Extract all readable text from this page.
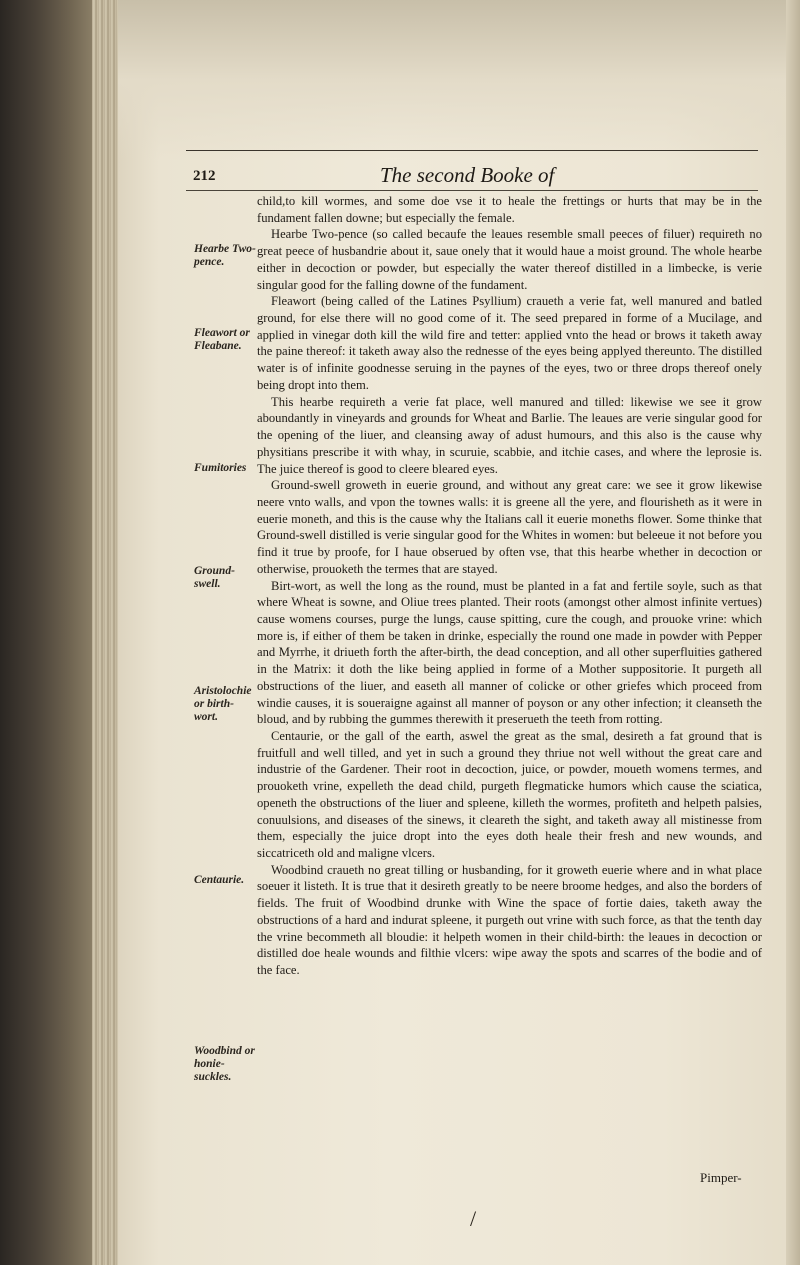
212	The second Booke of
Hearbe Two-pence.
Fleawort or Fleabane.
Fumitories
Ground-swell.
Aristolochie or birth-wort.
Centaurie.
Woodbind or honie-suckles.

child,to kill wormes, and some doe vse it to heale the frettings or hurts that may be in the fundament fallen downe; but especially the female.

Hearbe Two-pence (so called becaufe the leaues resemble small peeces of filuer) requireth no great peece of husbandrie about it, saue onely that it would haue a moist ground. The whole hearbe either in decoction or powder, but especially the water thereof distilled in a limbecke, is verie singular good for the falling downe of the fundament.

Fleawort (being called of the Latines Psyllium) craueth a verie fat, well manured and batled ground, for else there will no good come of it. The seed prepared in forme of a Mucilage, and applied in vinegar doth kill the wild fire and tetter: applied vnto the head or brows it taketh away the paine thereof: it taketh away also the rednesse of the eyes being applyed thereunto. The distilled water is of infinite goodnesse seruing in the paynes of the eyes, two or three drops thereof onely being dropt into them.

This hearbe requireth a verie fat place, well manured and tilled: likewise we see it grow aboundantly in vineyards and grounds for Wheat and Barlie. The leaues are verie singular good for the opening of the liuer, and cleansing away of adust humours, and this also is the cause why physitians prescribe it with whay, in scuruie, scabbie, and itchie cases, and where the leprosie is. The juice thereof is good to cleere bleared eyes.

Ground-swell groweth in euerie ground, and without any great care: we see it grow likewise neere vnto walls, and vpon the townes walls: it is greene all the yere, and flourisheth as it were in euerie moneth, and this is the cause why the Italians call it euerie moneths flower. Some thinke that Ground-swell distilled is verie singular good for the Whites in women: but beleeue it not before you find it true by proofe, for I haue obserued by often vse, that this hearbe whether in decoction or otherwise, prouoketh the termes that are stayed.

Birt-wort, as well the long as the round, must be planted in a fat and fertile soyle, such as that where Wheat is sowne, and Oliue trees planted. Their roots (amongst other almost infinite vertues) cause womens courses, purge the lungs, cause spitting, cure the cough, and prouoke vrine: which more is, if either of them be taken in drinke, especially the round one made in powder with Pepper and Myrrhe, it driueth forth the after-birth, the dead conception, and all other superfluities gathered in the Matrix: it doth the like being applied in forme of a Mother suppositorie. It purgeth all obstructions of the liuer, and easeth all manner of colicke or other griefes which proceed from windie causes, it is soueraigne against all manner of poyson or any other infection; it cleanseth the bloud, and by rubbing the gummes therewith it preserueth the teeth from rotting.

Centaurie, or the gall of the earth, aswel the great as the smal, desireth a fat ground that is fruitfull and well tilled, and yet in such a ground they thriue not well without the great care and industrie of the Gardener. Their root in decoction, juice, or powder, moueth womens termes, and prouoketh vrine, expelleth the dead child, purgeth flegmaticke humors which cause the sciatica, openeth the obstructions of the liuer and spleene, killeth the wormes, profiteth and helpeth palsies, conuulsions, and diseases of the sinews, it cleareth the sight, and taketh away all mistinesse from them, especially the juice dropt into the eyes doth heale their fresh and new wounds, and siccatriceth old and maligne vlcers.

Woodbind craueth no great tilling or husbanding, for it groweth euerie where and in what place soeuer it listeth. It is true that it desireth greatly to be neere broome hedges, and also the borders of fields. The fruit of Woodbind drunke with Wine the space of fortie daies, taketh away the obstructions of a hard and indurat spleene, it purgeth out vrine with such force, as that the tenth day the vrine becommeth all bloudie: it helpeth women in their child-birth: the leaues in decoction or distilled doe heale wounds and filthie vlcers: wipe away the spots and scarres of the bodie and of the face.

Pimper-
/
